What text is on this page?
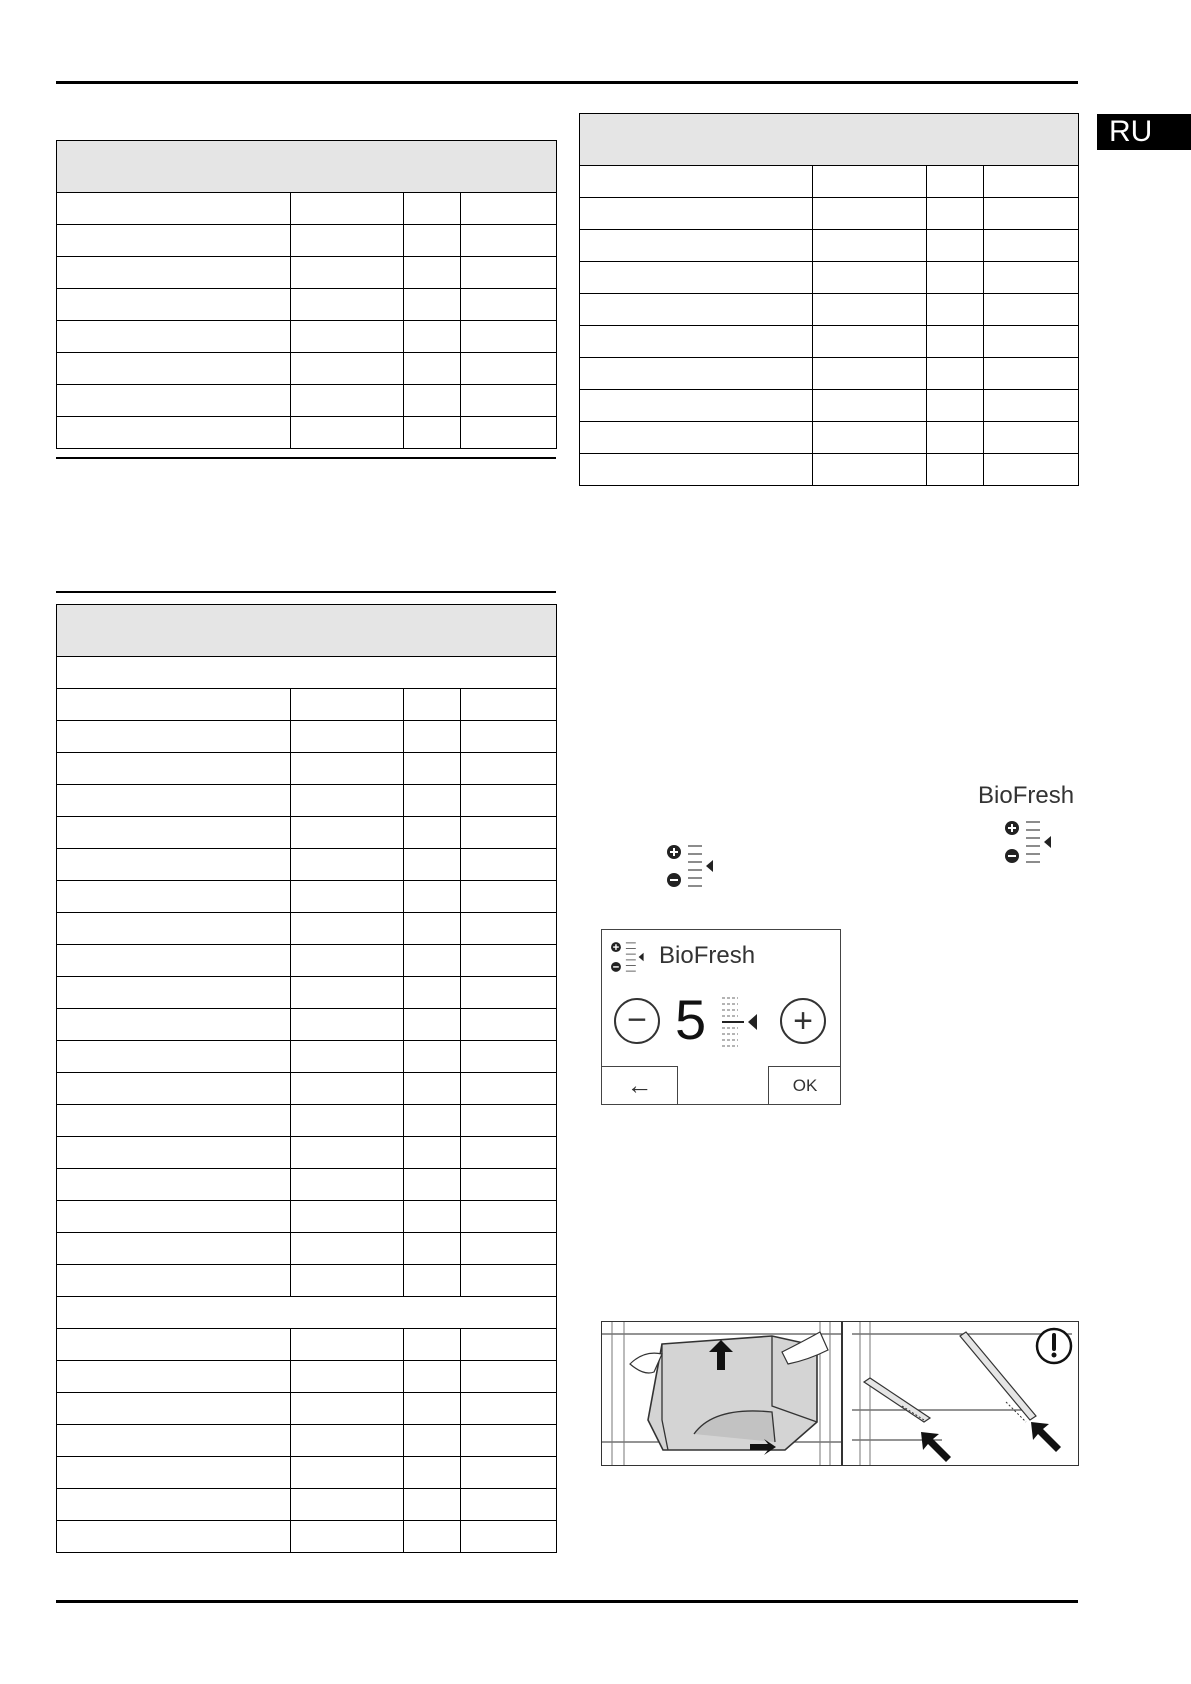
RU

BioFresh
BioFresh
− 5	+
←	OK
